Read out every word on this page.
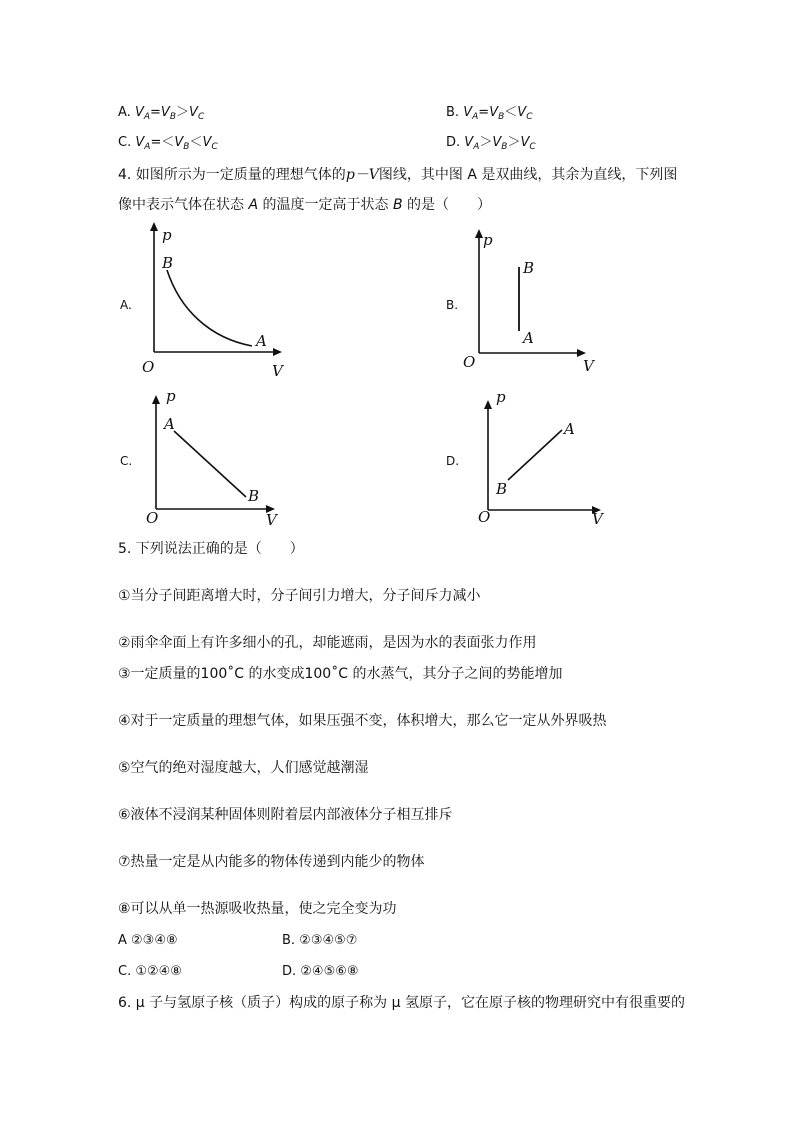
A. $V_A=V_B>V_C$	B. $V_A=V_B<V_C$
C. $V_A=<V_B<V_C$	D. $V_A>V_B>V_C$
4. 如图所示为一定质量的理想气体的p－V图线，其中图 A 是双曲线，其余为直线，下列图
像中表示气体在状态 A 的温度一定高于状态 B 的是（　　）
A.
p
V
O
B
A
B.
p
V
O
B
A
C.
p
V
O
A
B
D.
p
V
O
A
B
5. 下列说法正确的是（　　）
①当分子间距离增大时，分子间引力增大，分子间斥力减小
②雨伞伞面上有许多细小的孔，却能遮雨，是因为水的表面张力作用
③一定质量的100˚C 的水变成100˚C 的水蒸气，其分子之间的势能增加
④对于一定质量的理想气体，如果压强不变，体积增大，那么它一定从外界吸热
⑤空气的绝对湿度越大，人们感觉越潮湿
⑥液体不浸润某种固体则附着层内部液体分子相互排斥
⑦热量一定是从内能多的物体传递到内能少的物体
⑧可以从单一热源吸收热量，使之完全变为功
A ②③④⑧	B. ②③④⑤⑦
C. ①②④⑧	D. ②④⑤⑥⑧
6. μ 子与氢原子核（质子）构成的原子称为 μ 氢原子，它在原子核的物理研究中有很重要的
